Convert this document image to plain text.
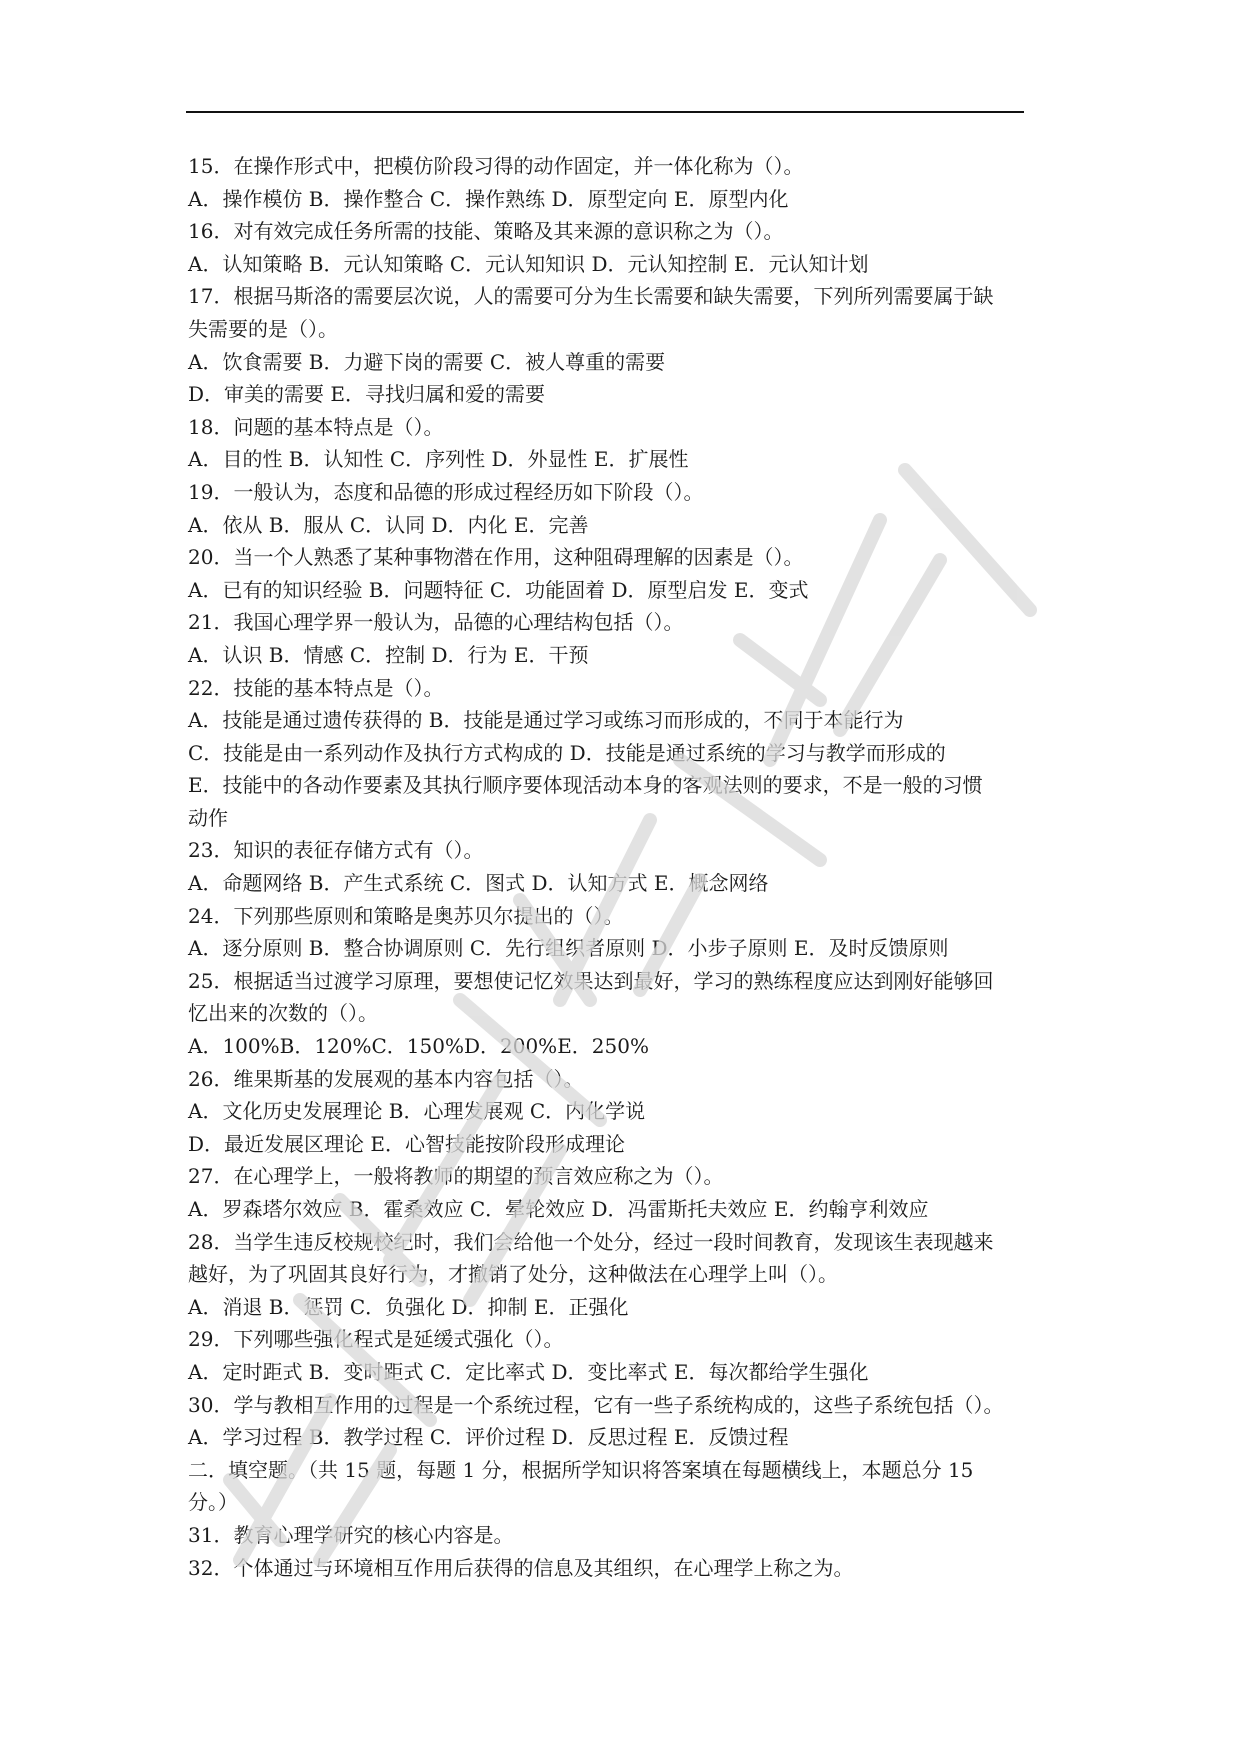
15．在操作形式中，把模仿阶段习得的动作固定，并一体化称为（）。

A．操作模仿 B．操作整合 C．操作熟练 D．原型定向 E．原型内化

16．对有效完成任务所需的技能、策略及其来源的意识称之为（）。

A．认知策略 B．元认知策略 C．元认知知识 D．元认知控制 E．元认知计划

17．根据马斯洛的需要层次说，人的需要可分为生长需要和缺失需要，下列所列需要属于缺

失需要的是（）。

A．饮食需要 B．力避下岗的需要 C．被人尊重的需要

D．审美的需要 E．寻找归属和爱的需要

18．问题的基本特点是（）。

A．目的性 B．认知性 C．序列性 D．外显性 E．扩展性

19．一般认为，态度和品德的形成过程经历如下阶段（）。

A．依从 B．服从 C．认同 D．内化 E．完善

20．当一个人熟悉了某种事物潜在作用，这种阻碍理解的因素是（）。

A．已有的知识经验 B．问题特征 C．功能固着 D．原型启发 E．变式

21．我国心理学界一般认为，品德的心理结构包括（）。

A．认识 B．情感 C．控制 D．行为 E．干预

22．技能的基本特点是（）。

A．技能是通过遗传获得的 B．技能是通过学习或练习而形成的，不同于本能行为

C．技能是由一系列动作及执行方式构成的 D．技能是通过系统的学习与教学而形成的

E．技能中的各动作要素及其执行顺序要体现活动本身的客观法则的要求，不是一般的习惯

动作

23．知识的表征存储方式有（）。

A．命题网络 B．产生式系统 C．图式 D．认知方式 E．概念网络

24．下列那些原则和策略是奥苏贝尔提出的（）。

A．逐分原则 B．整合协调原则 C．先行组织者原则 D．小步子原则 E．及时反馈原则

25．根据适当过渡学习原理，要想使记忆效果达到最好，学习的熟练程度应达到刚好能够回

忆出来的次数的（）。

A．100%B．120%C．150%D．200%E．250%

26．维果斯基的发展观的基本内容包括（）。

A．文化历史发展理论 B．心理发展观 C．内化学说

D．最近发展区理论 E．心智技能按阶段形成理论

27．在心理学上，一般将教师的期望的预言效应称之为（）。

A．罗森塔尔效应 B．霍桑效应 C．晕轮效应 D．冯雷斯托夫效应 E．约翰亨利效应

28．当学生违反校规校纪时，我们会给他一个处分，经过一段时间教育，发现该生表现越来

越好，为了巩固其良好行为，才撤销了处分，这种做法在心理学上叫（）。

A．消退 B．惩罚 C．负强化 D．抑制 E．正强化

29．下列哪些强化程式是延缓式强化（）。

A．定时距式 B．变时距式 C．定比率式 D．变比率式 E．每次都给学生强化

30．学与教相互作用的过程是一个系统过程，它有一些子系统构成的，这些子系统包括（）。

A．学习过程 B．教学过程 C．评价过程 D．反思过程 E．反馈过程

二．填空题。（共 15 题，每题 1 分，根据所学知识将答案填在每题横线上，本题总分 15

分。）

31．教育心理学研究的核心内容是。

32．个体通过与环境相互作用后获得的信息及其组织，在心理学上称之为。
